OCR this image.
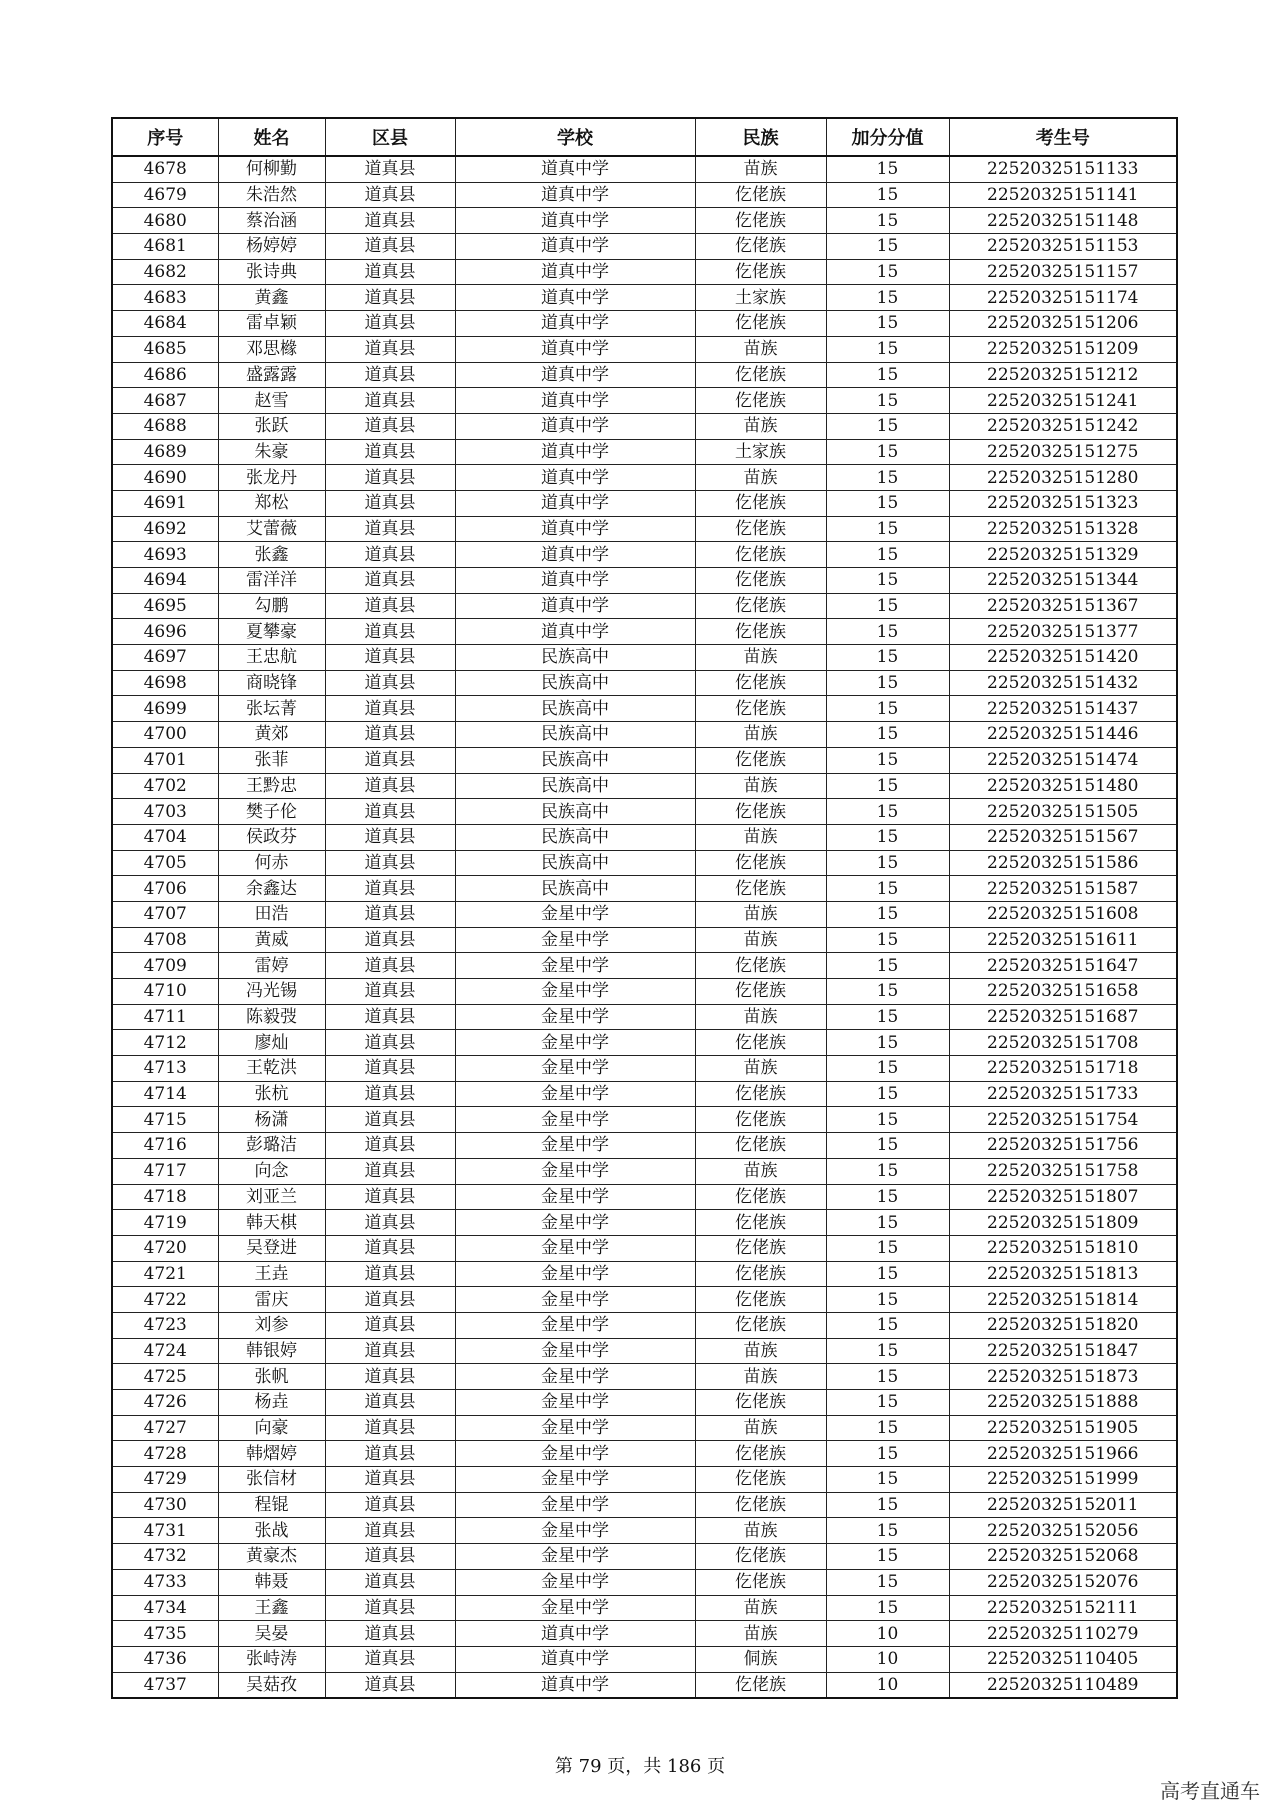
序号	姓名	区县	学校	民族	加分分值	考生号
4678	何柳勤	道真县	道真中学	苗族	15	22520325151133
4679	朱浩然	道真县	道真中学	仡佬族	15	22520325151141
4680	蔡治涵	道真县	道真中学	仡佬族	15	22520325151148
4681	杨婷婷	道真县	道真中学	仡佬族	15	22520325151153
4682	张诗典	道真县	道真中学	仡佬族	15	22520325151157
4683	黄鑫	道真县	道真中学	土家族	15	22520325151174
4684	雷卓颖	道真县	道真中学	仡佬族	15	22520325151206
4685	邓思橼	道真县	道真中学	苗族	15	22520325151209
4686	盛露露	道真县	道真中学	仡佬族	15	22520325151212
4687	赵雪	道真县	道真中学	仡佬族	15	22520325151241
4688	张跃	道真县	道真中学	苗族	15	22520325151242
4689	朱豪	道真县	道真中学	土家族	15	22520325151275
4690	张龙丹	道真县	道真中学	苗族	15	22520325151280
4691	郑松	道真县	道真中学	仡佬族	15	22520325151323
4692	艾蕾薇	道真县	道真中学	仡佬族	15	22520325151328
4693	张鑫	道真县	道真中学	仡佬族	15	22520325151329
4694	雷洋洋	道真县	道真中学	仡佬族	15	22520325151344
4695	勾鹏	道真县	道真中学	仡佬族	15	22520325151367
4696	夏攀豪	道真县	道真中学	仡佬族	15	22520325151377
4697	王忠航	道真县	民族高中	苗族	15	22520325151420
4698	商晓锋	道真县	民族高中	仡佬族	15	22520325151432
4699	张坛菁	道真县	民族高中	仡佬族	15	22520325151437
4700	黄郊	道真县	民族高中	苗族	15	22520325151446
4701	张菲	道真县	民族高中	仡佬族	15	22520325151474
4702	王黔忠	道真县	民族高中	苗族	15	22520325151480
4703	樊子伦	道真县	民族高中	仡佬族	15	22520325151505
4704	侯政芬	道真县	民族高中	苗族	15	22520325151567
4705	何赤	道真县	民族高中	仡佬族	15	22520325151586
4706	余鑫达	道真县	民族高中	仡佬族	15	22520325151587
4707	田浩	道真县	金星中学	苗族	15	22520325151608
4708	黄威	道真县	金星中学	苗族	15	22520325151611
4709	雷婷	道真县	金星中学	仡佬族	15	22520325151647
4710	冯光锡	道真县	金星中学	仡佬族	15	22520325151658
4711	陈毅弢	道真县	金星中学	苗族	15	22520325151687
4712	廖灿	道真县	金星中学	仡佬族	15	22520325151708
4713	王乾洪	道真县	金星中学	苗族	15	22520325151718
4714	张杭	道真县	金星中学	仡佬族	15	22520325151733
4715	杨潇	道真县	金星中学	仡佬族	15	22520325151754
4716	彭璐洁	道真县	金星中学	仡佬族	15	22520325151756
4717	向念	道真县	金星中学	苗族	15	22520325151758
4718	刘亚兰	道真县	金星中学	仡佬族	15	22520325151807
4719	韩天棋	道真县	金星中学	仡佬族	15	22520325151809
4720	吴登进	道真县	金星中学	仡佬族	15	22520325151810
4721	王垚	道真县	金星中学	仡佬族	15	22520325151813
4722	雷庆	道真县	金星中学	仡佬族	15	22520325151814
4723	刘参	道真县	金星中学	仡佬族	15	22520325151820
4724	韩银婷	道真县	金星中学	苗族	15	22520325151847
4725	张帆	道真县	金星中学	苗族	15	22520325151873
4726	杨垚	道真县	金星中学	仡佬族	15	22520325151888
4727	向豪	道真县	金星中学	苗族	15	22520325151905
4728	韩熠婷	道真县	金星中学	仡佬族	15	22520325151966
4729	张信材	道真县	金星中学	仡佬族	15	22520325151999
4730	程锟	道真县	金星中学	仡佬族	15	22520325152011
4731	张战	道真县	金星中学	苗族	15	22520325152056
4732	黄豪杰	道真县	金星中学	仡佬族	15	22520325152068
4733	韩聂	道真县	金星中学	仡佬族	15	22520325152076
4734	王鑫	道真县	金星中学	苗族	15	22520325152111
4735	吴晏	道真县	道真中学	苗族	10	22520325110279
4736	张峙涛	道真县	道真中学	侗族	10	22520325110405
4737	吴菇孜	道真县	道真中学	仡佬族	10	22520325110489
第 79 页，共 186 页
高考直通车
